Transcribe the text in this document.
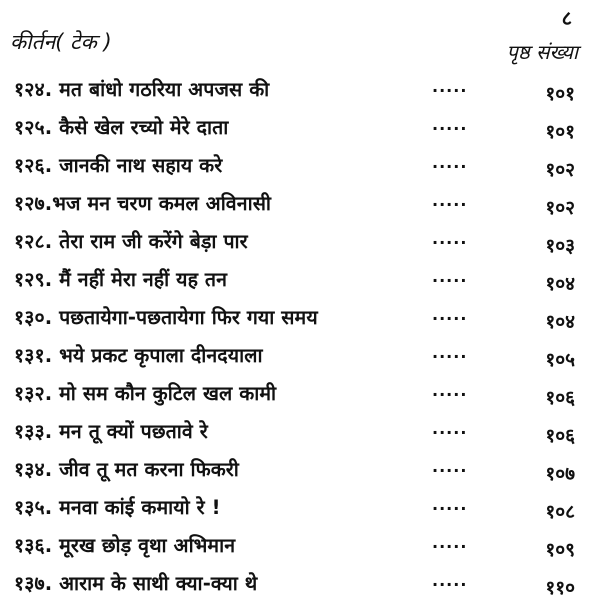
८
कीर्तन( टेक )	पृष्ठ संख्या
१२४. मत बांधो गठरिया अपजस की	.....	१०१
१२५. कैसे खेल रच्यो मेरे दाता	.....	१०१
१२६. जानकी नाथ सहाय करे	.....	१०२
१२७.भज मन चरण कमल अविनासी	.....	१०२
१२८. तेरा राम जी करेंगे बेड़ा पार	.....	१०३
१२९. मैं नहीं मेरा नहीं यह तन	.....	१०४
१३०. पछतायेगा-पछतायेगा फिर गया समय	.....	१०४
१३१. भये प्रकट कृपाला दीनदयाला	.....	१०५
१३२. मो सम कौन कुटिल खल कामी	.....	१०६
१३३. मन तू क्यों पछतावे रे	.....	१०६
१३४. जीव तू मत करना फिकरी	.....	१०७
१३५. मनवा कांई कमायो रे !	.....	१०८
१३६. मूरख छोड़ वृथा अभिमान	.....	१०९
१३७. आराम के साथी क्या-क्या थे	.....	११०
